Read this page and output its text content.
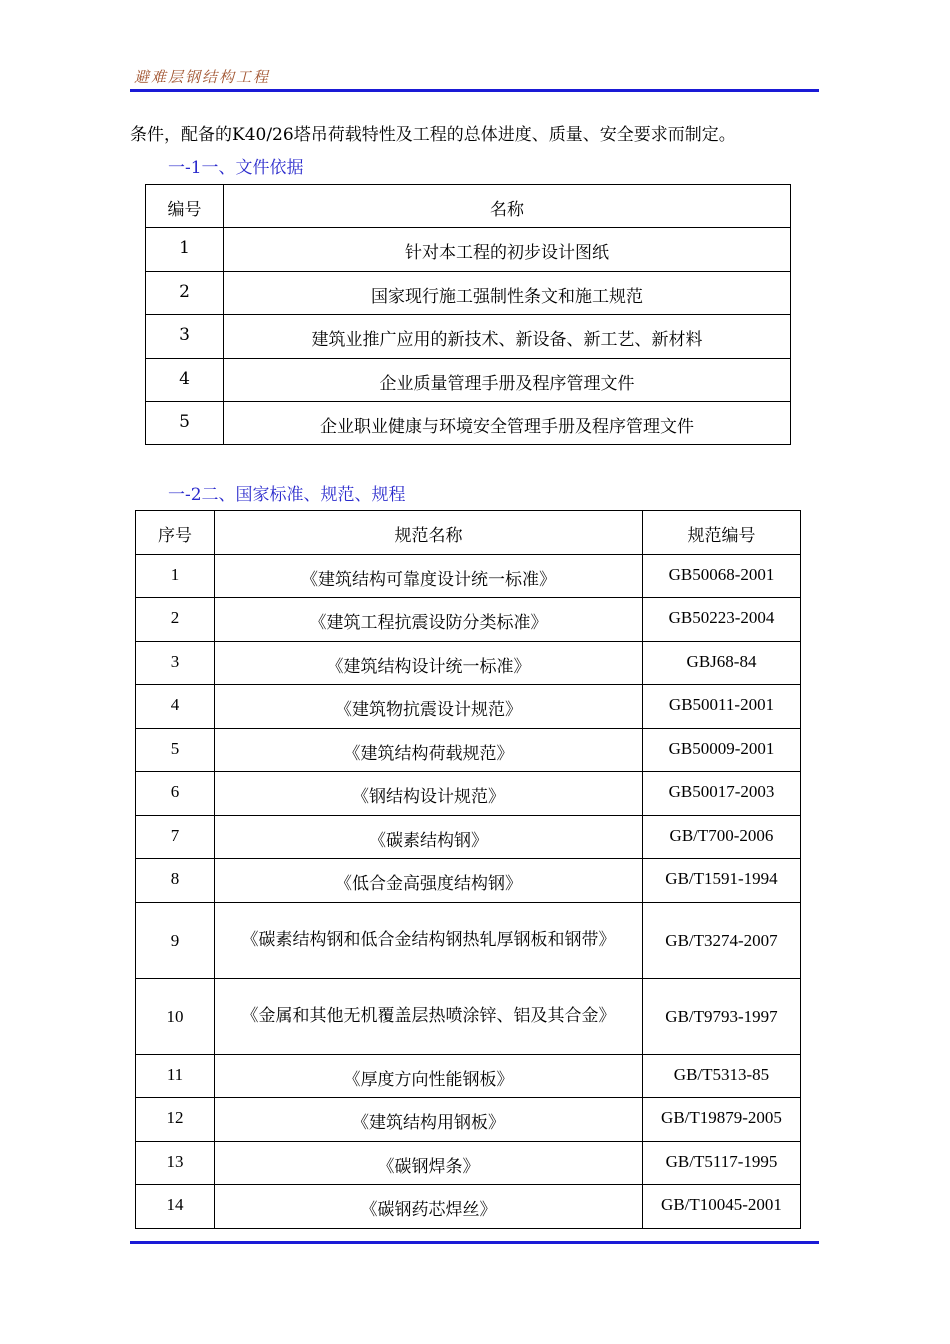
避难层钢结构工程
条件，配备的K40/26塔吊荷载特性及工程的总体进度、质量、安全要求而制定。
一-1一、文件依据
编号	名称
1	针对本工程的初步设计图纸
2	国家现行施工强制性条文和施工规范
3	建筑业推广应用的新技术、新设备、新工艺、新材料
4	企业质量管理手册及程序管理文件
5	企业职业健康与环境安全管理手册及程序管理文件
一-2二、国家标准、规范、规程
序号	规范名称	规范编号
1	《建筑结构可靠度设计统一标准》	GB50068-2001
2	《建筑工程抗震设防分类标准》	GB50223-2004
3	《建筑结构设计统一标准》	GBJ68-84
4	《建筑物抗震设计规范》	GB50011-2001
5	《建筑结构荷载规范》	GB50009-2001
6	《钢结构设计规范》	GB50017-2003
7	《碳素结构钢》	GB/T700-2006
8	《低合金高强度结构钢》	GB/T1591-1994
9	《碳素结构钢和低合金结构钢热轧厚钢板和钢带》	GB/T3274-2007
10	《金属和其他无机覆盖层热喷涂锌、铝及其合金》	GB/T9793-1997
11	《厚度方向性能钢板》	GB/T5313-85
12	《建筑结构用钢板》	GB/T19879-2005
13	《碳钢焊条》	GB/T5117-1995
14	《碳钢药芯焊丝》	GB/T10045-2001
